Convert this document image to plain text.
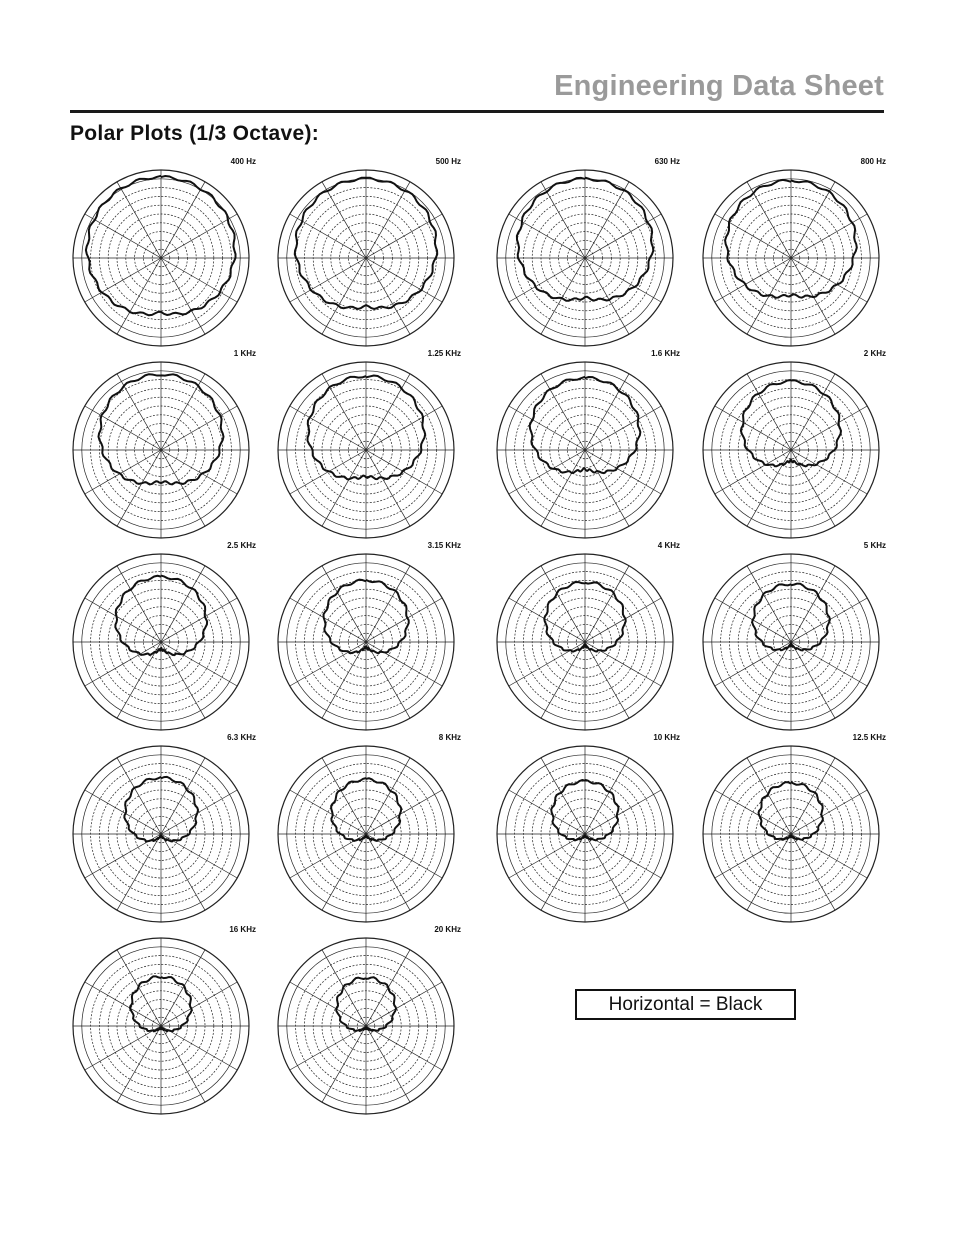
Engineering Data Sheet
Polar Plots (1/3 Octave):
400 Hz	500 Hz	630 Hz	800 Hz
1 KHz	1.25 KHz	1.6 KHz	2 KHz
2.5 KHz	3.15 KHz	4 KHz	5 KHz
6.3 KHz	8 KHz	10 KHz	12.5 KHz
16 KHz	20 KHz
Horizontal = Black
